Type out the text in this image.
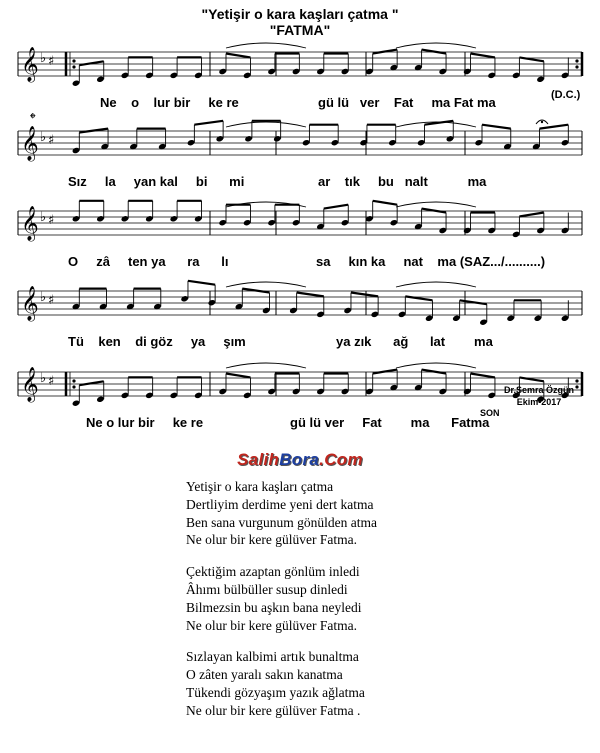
"Yetişir o kara kaşları çatma "
"FATMA"
𝄞 ♭ ♯
𝄞 ♭ ♯
𝄞 ♭ ♯
𝄞 ♭ ♯
𝄞 ♭ ♯
𝄌
Ne o lur bir ke re	gü lü ver Fat ma Fat ma	(D.C.)
Sız la yan kal bi mi	ar tık bu nalt	ma
O zâ ten ya ra lı	sa kın ka nat ma (SAZ.../..........)
Tü ken di göz ya şım	ya zık ağ lat ma
Ne o lur bir ke re	gü lü ver Fat ma Fatma
SON
Dr.Semra Özgün
Ekim-2017
SalihBora.Com
Yetişir o kara kaşları çatma
Dertliyim derdime yeni dert katma
Ben sana vurgunum gönülden atma
Ne olur bir kere gülüver Fatma.
Çektiğim azaptan gönlüm inledi
Âhımı bülbüller susup dinledi
Bilmezsin bu aşkın bana neyledi
Ne olur bir kere gülüver Fatma.
Sızlayan kalbimi artık bunaltma
O zâten yaralı sakın kanatma
Tükendi gözyaşım yazık ağlatma
Ne olur bir kere gülüver Fatma .
